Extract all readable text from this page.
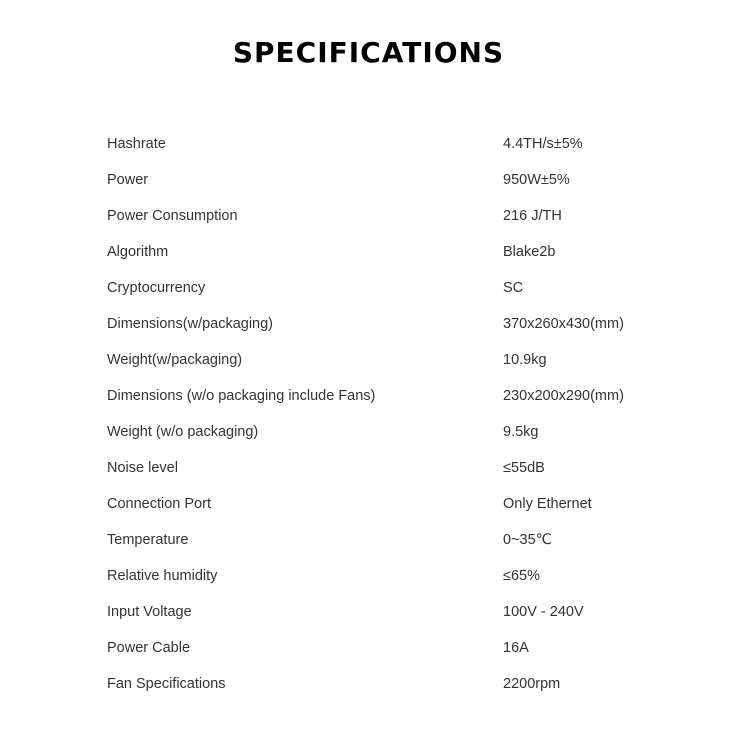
SPECIFICATIONS
Hashrate	4.4TH/s±5%
Power	950W±5%
Power Consumption	216 J/TH
Algorithm	Blake2b
Cryptocurrency	SC
Dimensions(w/packaging)	370x260x430(mm)
Weight(w/packaging)	10.9kg
Dimensions (w/o packaging include Fans)	230x200x290(mm)
Weight (w/o packaging)	9.5kg
Noise level	≤55dB
Connection Port	Only Ethernet
Temperature	0~35℃
Relative humidity	≤65%
Input Voltage	100V - 240V
Power Cable	16A
Fan Specifications	2200rpm
